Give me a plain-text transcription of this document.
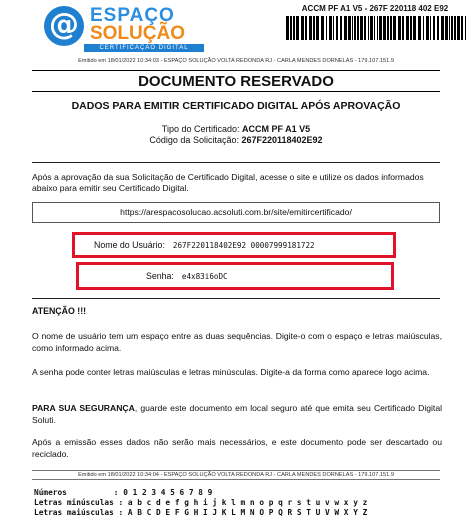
@ ESPAÇO
SOLUÇÃO
CERTIFICAÇÃO DIGITAL
ACCM PF A1 V5 - 267F 220118 402 E92
Emitido em 18/01/2022 10:34:03 - ESPAÇO SOLUÇÃO VOLTA REDONDA RJ - CARLA MENDES DORNELAS - 179.107.151.9
DOCUMENTO RESERVADO
DADOS PARA EMITIR CERTIFICADO DIGITAL APÓS APROVAÇÃO
Tipo do Certificado: ACCM PF A1 V5
Código da Solicitação: 267F220118402E92
Após a aprovação da sua Solicitação de Certificado Digital, acesse o site e utilize os dados informados abaixo para emitir seu Certificado Digital.
https://arespacosolucao.acsoluti.com.br/site/emitircertificado/
Nome do Usuário: 267F220118402E92 00007999181722
Senha: e4x83i6oDC
ATENÇÃO !!!
O nome de usuário tem um espaço entre as duas sequências. Digite-o com o espaço e letras maiúsculas, como informado acima.
A senha pode conter letras maiúsculas e letras minúsculas. Digite-a da forma como aparece logo acima.
PARA SUA SEGURANÇA, guarde este documento em local seguro até que emita seu Certificado Digital Soluti.
Após a emissão esses dados não serão mais necessários, e este documento pode ser descartado ou reciclado.
Emitido em 18/01/2022 10:34:04 - ESPAÇO SOLUÇÃO VOLTA REDONDA RJ - CARLA MENDES DORNELAS - 179.107.151.9
Números          : 0 1 2 3 4 5 6 7 8 9
Letras minúsculas : a b c d e f g h i j k l m n o p q r s t u v w x y z
Letras maiúsculas : A B C D E F G H I J K L M N O P Q R S T U V W X Y Z
